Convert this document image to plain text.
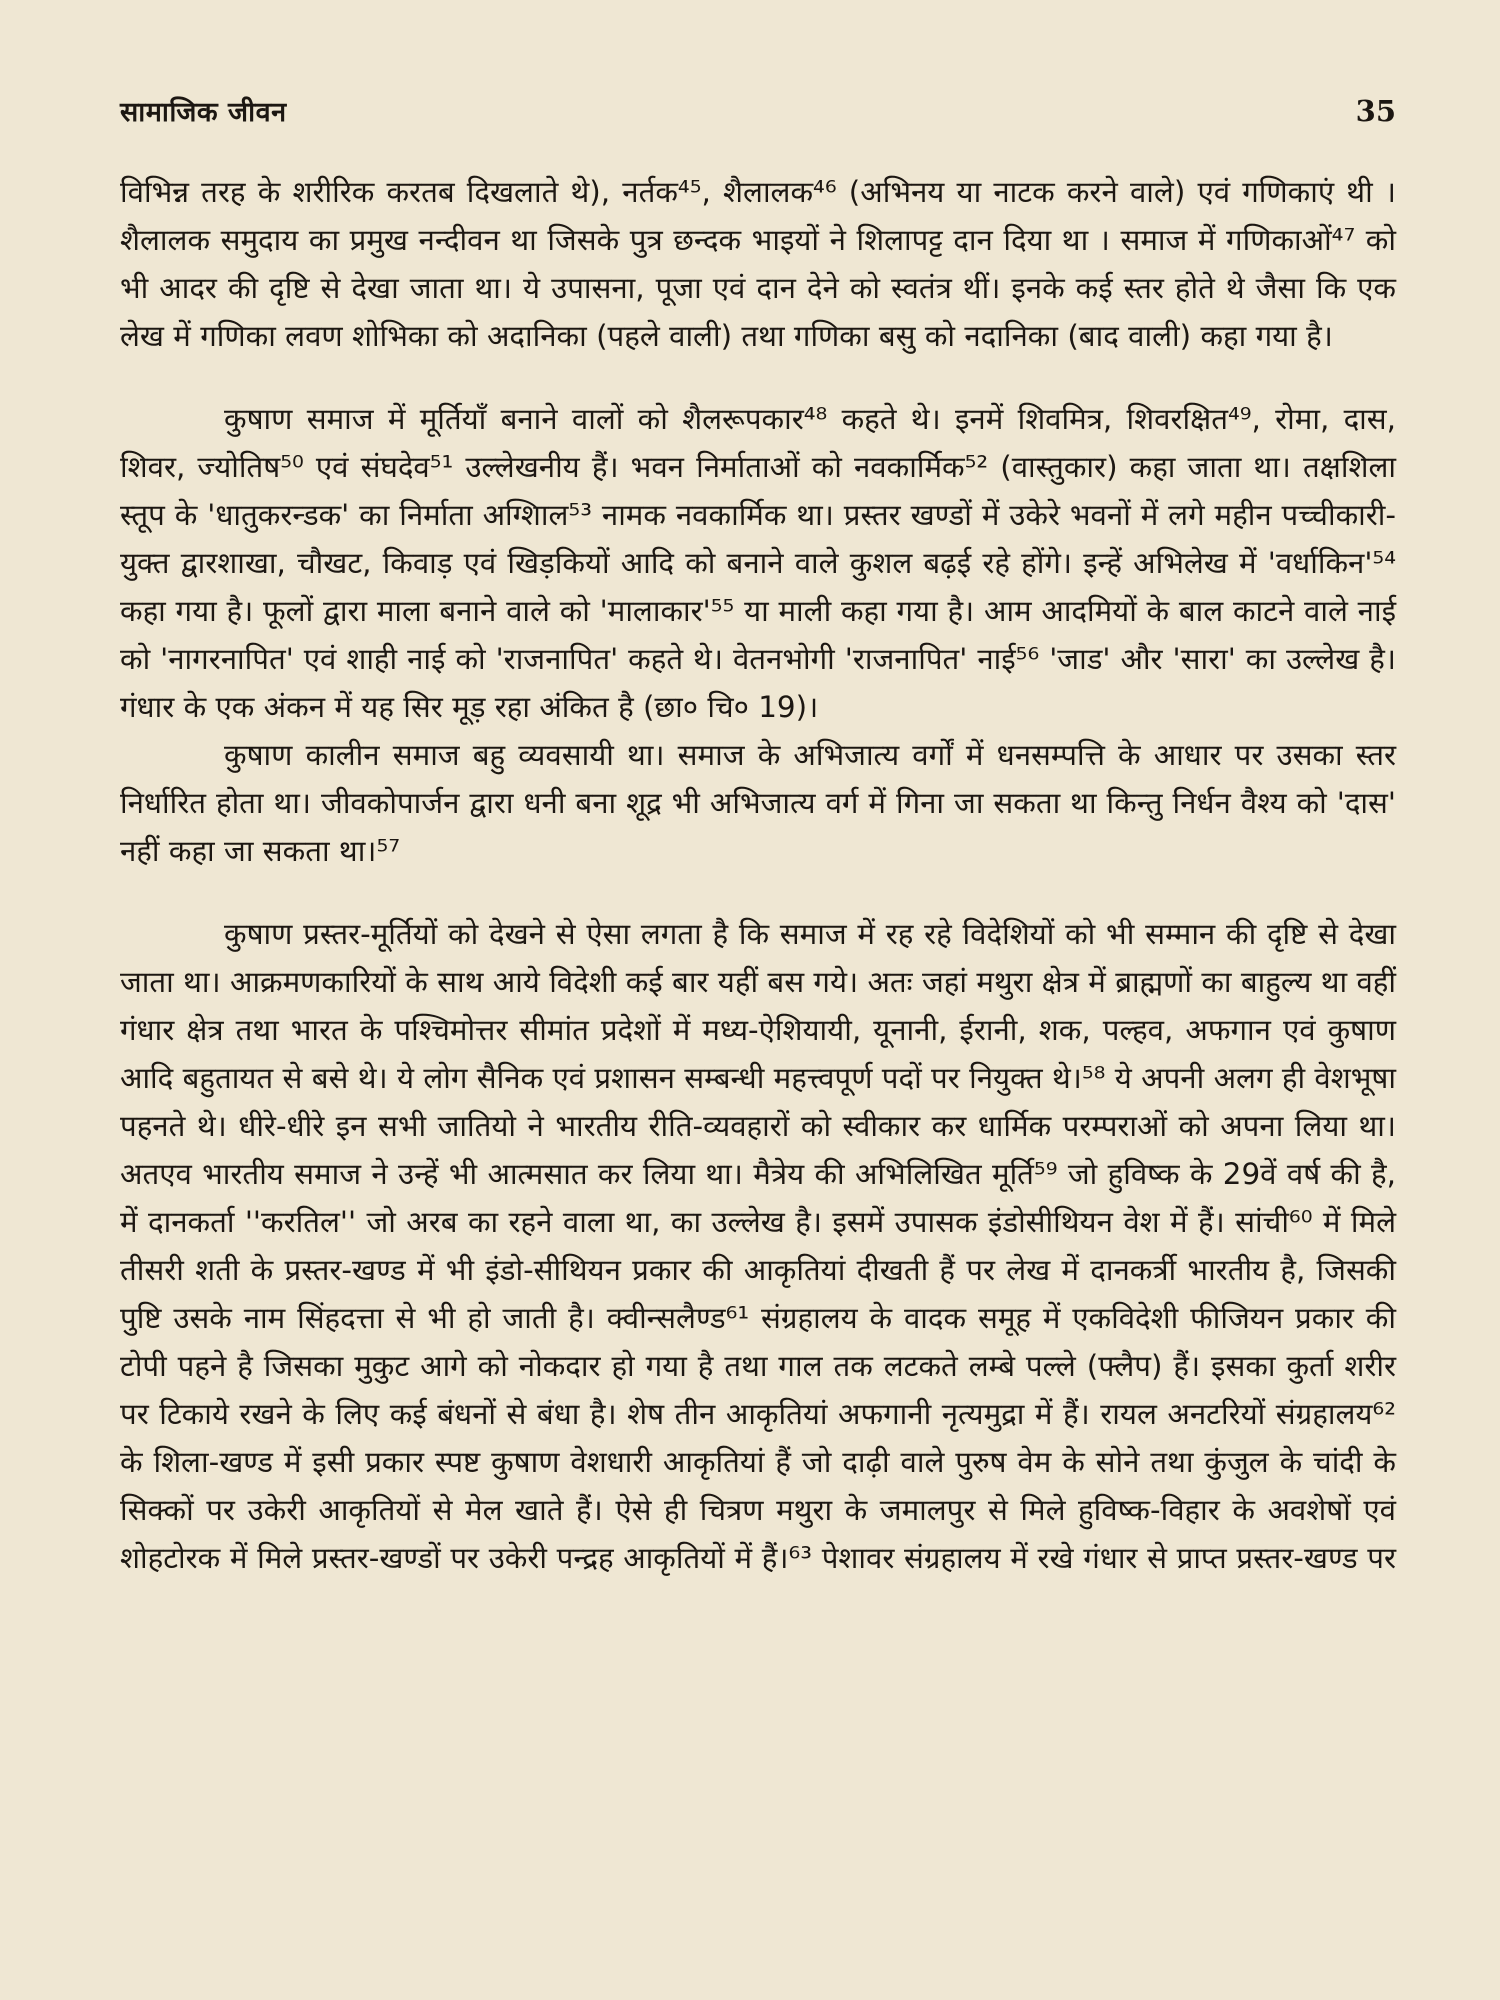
सामाजिक जीवन	35

विभिन्न तरह के शरीरिक करतब दिखलाते थे), नर्तक⁴⁵, शैलालक⁴⁶ (अभिनय या नाटक करने वाले) एवं गणिकाएं थी । शैलालक समुदाय का प्रमुख नन्दीवन था जिसके पुत्र छन्दक भाइयों ने शिलापट्ट दान दिया था । समाज में गणिकाओं⁴⁷ को भी आदर की दृष्टि से देखा जाता था। ये उपासना, पूजा एवं दान देने को स्वतंत्र थीं। इनके कई स्तर होते थे जैसा कि एक लेख में गणिका लवण शोभिका को अदानिका (पहले वाली) तथा गणिका बसु को नदानिका (बाद वाली) कहा गया है।

कुषाण समाज में मूर्तियाँ बनाने वालों को शैलरूपकार⁴⁸ कहते थे। इनमें शिवमित्र, शिवरक्षित⁴⁹, रोमा, दास, शिवर, ज्योतिष⁵⁰ एवं संघदेव⁵¹ उल्लेखनीय हैं। भवन निर्माताओं को नवकार्मिक⁵² (वास्तुकार) कहा जाता था। तक्षशिला स्तूप के 'धातुकरन्डक' का निर्माता अग्शिाल⁵³ नामक नवकार्मिक था। प्रस्तर खण्डों में उकेरे भवनों में लगे महीन पच्चीकारी-युक्त द्वारशाखा, चौखट, किवाड़ एवं खिड़कियों आदि को बनाने वाले कुशल बढ़ई रहे होंगे। इन्हें अभिलेख में 'वर्धाकिन'⁵⁴ कहा गया है। फूलों द्वारा माला बनाने वाले को 'मालाकार'⁵⁵ या माली कहा गया है। आम आदमियों के बाल काटने वाले नाई को 'नागरनापित' एवं शाही नाई को 'राजनापित' कहते थे। वेतनभोगी 'राजनापित' नाई⁵⁶ 'जाड' और 'सारा' का उल्लेख है। गंधार के एक अंकन में यह सिर मूड़ रहा अंकित है (छा० चि० 19)।

कुषाण कालीन समाज बहु व्यवसायी था। समाज के अभिजात्य वर्गों में धनसम्पत्ति के आधार पर उसका स्तर निर्धारित होता था। जीवकोपार्जन द्वारा धनी बना शूद्र भी अभिजात्य वर्ग में गिना जा सकता था किन्तु निर्धन वैश्य को 'दास' नहीं कहा जा सकता था।⁵⁷

कुषाण प्रस्तर-मूर्तियों को देखने से ऐसा लगता है कि समाज में रह रहे विदेशियों को भी सम्मान की दृष्टि से देखा जाता था। आक्रमणकारियों के साथ आये विदेशी कई बार यहीं बस गये। अतः जहां मथुरा क्षेत्र में ब्राह्मणों का बाहुल्य था वहीं गंधार क्षेत्र तथा भारत के पश्चिमोत्तर सीमांत प्रदेशों में मध्य-ऐशियायी, यूनानी, ईरानी, शक, पल्हव, अफगान एवं कुषाण आदि बहुतायत से बसे थे। ये लोग सैनिक एवं प्रशासन सम्बन्धी महत्त्वपूर्ण पदों पर नियुक्त थे।⁵⁸ ये अपनी अलग ही वेशभूषा पहनते थे। धीरे-धीरे इन सभी जातियो ने भारतीय रीति-व्यवहारों को स्वीकार कर धार्मिक परम्पराओं को अपना लिया था। अतएव भारतीय समाज ने उन्हें भी आत्मसात कर लिया था। मैत्रेय की अभिलिखित मूर्ति⁵⁹ जो हुविष्क के 29वें वर्ष की है, में दानकर्ता ''करतिल'' जो अरब का रहने वाला था, का उल्लेख है। इसमें उपासक इंडोसीथियन वेश में हैं। सांची⁶⁰ में मिले तीसरी शती के प्रस्तर-खण्ड में भी इंडो-सीथियन प्रकार की आकृतियां दीखती हैं पर लेख में दानकर्त्री भारतीय है, जिसकी पुष्टि उसके नाम सिंहदत्ता से भी हो जाती है। क्वीन्सलैण्ड⁶¹ संग्रहालय के वादक समूह में एकविदेशी फीजियन प्रकार की टोपी पहने है जिसका मुकुट आगे को नोकदार हो गया है तथा गाल तक लटकते लम्बे पल्ले (फ्लैप) हैं। इसका कुर्ता शरीर पर टिकाये रखने के लिए कई बंधनों से बंधा है। शेष तीन आकृतियां अफगानी नृत्यमुद्रा में हैं। रायल अनटरियों संग्रहालय⁶² के शिला-खण्ड में इसी प्रकार स्पष्ट कुषाण वेशधारी आकृतियां हैं जो दाढ़ी वाले पुरुष वेम के सोने तथा कुंजुल के चांदी के सिक्कों पर उकेरी आकृतियों से मेल खाते हैं। ऐसे ही चित्रण मथुरा के जमालपुर से मिले हुविष्क-विहार के अवशेषों एवं शोहटोरक में मिले प्रस्तर-खण्डों पर उकेरी पन्द्रह आकृतियों में हैं।⁶³ पेशावर संग्रहालय में रखे गंधार से प्राप्त प्रस्तर-खण्ड पर
